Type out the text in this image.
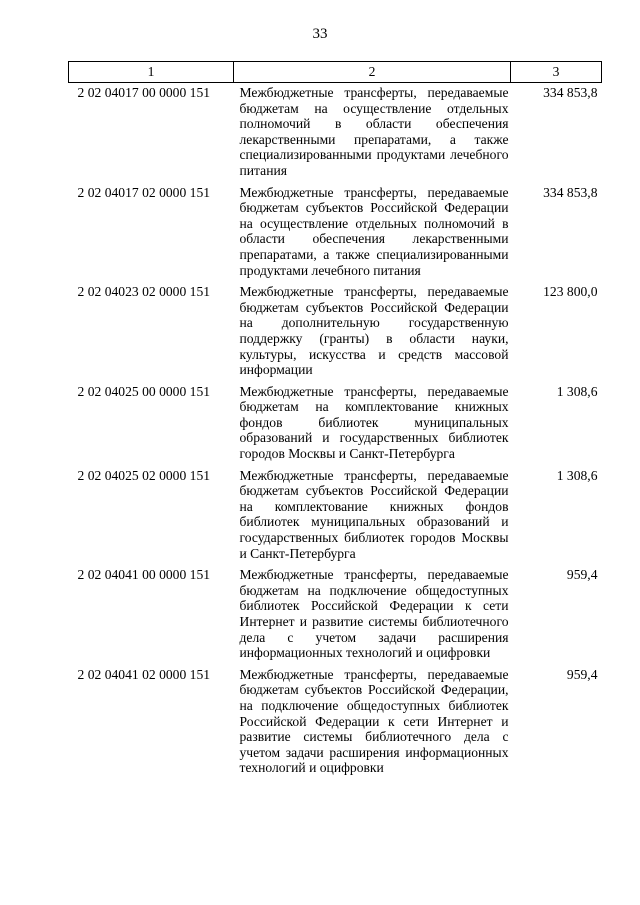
33
1	2	3
2 02 04017 00 0000 151	Межбюджетные трансферты, передаваемые бюджетам на осуществление отдельных полномочий в области обеспечения лекарственными препаратами, а также специализированными продуктами лечебного питания	334 853,8
2 02 04017 02 0000 151	Межбюджетные трансферты, передаваемые бюджетам субъектов Российской Федерации на осуществление отдельных полномочий в области обеспечения лекарственными препаратами, а также специализированными продуктами лечебного питания	334 853,8
2 02 04023 02 0000 151	Межбюджетные трансферты, передаваемые бюджетам субъектов Российской Федерации на дополнительную государственную поддержку (гранты) в области науки, культуры, искусства и средств массовой информации	123 800,0
2 02 04025 00 0000 151	Межбюджетные трансферты, передаваемые бюджетам на комплектование книжных фондов библиотек муниципальных образований и государственных библиотек городов Москвы и Санкт-Петербурга	1 308,6
2 02 04025 02 0000 151	Межбюджетные трансферты, передаваемые бюджетам субъектов Российской Федерации на комплектование книжных фондов библиотек муниципальных образований и государственных библиотек городов Москвы и Санкт-Петербурга	1 308,6
2 02 04041 00 0000 151	Межбюджетные трансферты, передаваемые бюджетам на подключение общедоступных библиотек Российской Федерации к сети Интернет и развитие системы библиотечного дела с учетом задачи расширения информационных технологий и оцифровки	959,4
2 02 04041 02 0000 151	Межбюджетные трансферты, передаваемые бюджетам субъектов Российской Федерации, на подключение общедоступных библиотек Российской Федерации к сети Интернет и развитие системы библиотечного дела с учетом задачи расширения информационных технологий и оцифровки	959,4
